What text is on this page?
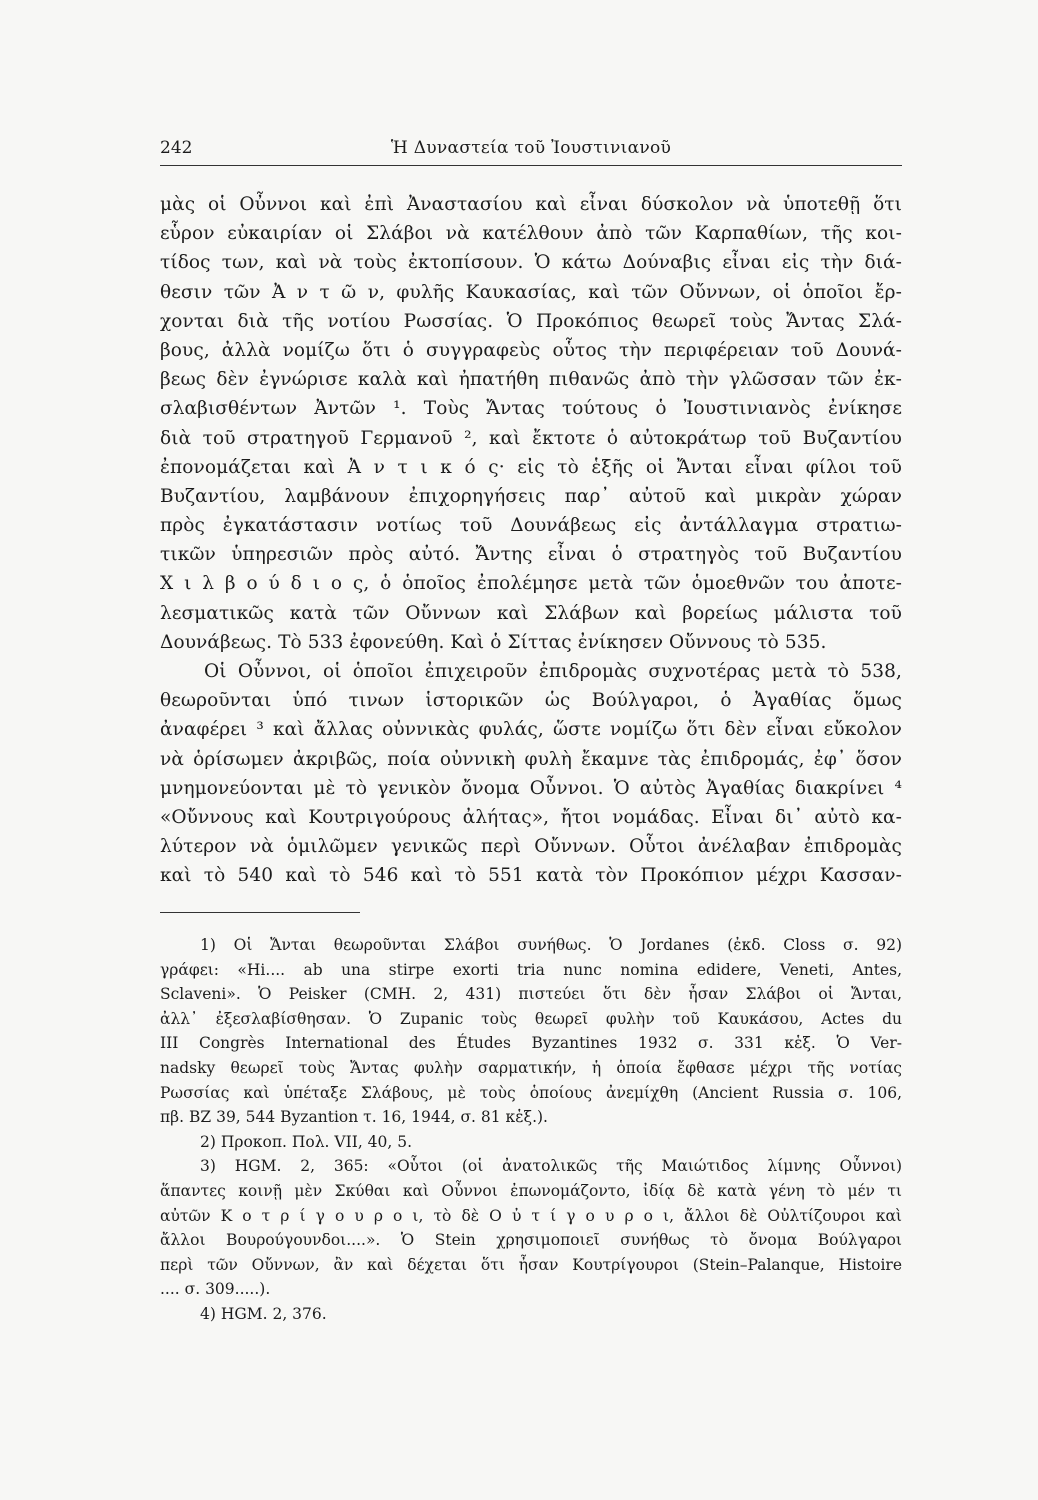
242	Ἡ Δυναστεία τοῦ Ἰουστινιανοῦ
μὰς οἱ Οὖννοι καὶ ἐπὶ Ἀναστασίου καὶ εἶναι δύσκολον νὰ ὑποτεθῇ ὅτι
εὗρον εὐκαιρίαν οἱ Σλάβοι νὰ κατέλθουν ἀπὸ τῶν Καρπαθίων, τῆς κοι-
τίδος των, καὶ νὰ τοὺς ἐκτοπίσουν. Ὁ κάτω Δούναβις εἶναι εἰς τὴν διά-
θεσιν τῶν Ἀ ν τ ῶ ν, φυλῆς Καυκασίας, καὶ τῶν Οὔννων, οἱ ὁποῖοι ἔρ-
χονται διὰ τῆς νοτίου Ρωσσίας. Ὁ Προκόπιος θεωρεῖ τοὺς Ἄντας Σλά-
βους, ἀλλὰ νομίζω ὅτι ὁ συγγραφεὺς οὗτος τὴν περιφέρειαν τοῦ Δουνά-
βεως δὲν ἐγνώρισε καλὰ καὶ ἠπατήθη πιθανῶς ἀπὸ τὴν γλῶσσαν τῶν ἐκ-
σλαβισθέντων Ἀντῶν ¹. Τοὺς Ἄντας τούτους ὁ Ἰουστινιανὸς ἐνίκησε
διὰ τοῦ στρατηγοῦ Γερμανοῦ ², καὶ ἔκτοτε ὁ αὐτοκράτωρ τοῦ Βυζαντίου
ἐπονομάζεται καὶ Ἀ ν τ ι κ ό ς· εἰς τὸ ἑξῆς οἱ Ἄνται εἶναι φίλοι τοῦ
Βυζαντίου, λαμβάνουν ἐπιχορηγήσεις παρ᾽ αὐτοῦ καὶ μικρὰν χώραν
πρὸς ἐγκατάστασιν νοτίως τοῦ Δουνάβεως εἰς ἀντάλλαγμα στρατιω-
τικῶν ὑπηρεσιῶν πρὸς αὐτό. Ἄντης εἶναι ὁ στρατηγὸς τοῦ Βυζαντίου
Χ ι λ β ο ύ δ ι ο ς, ὁ ὁποῖος ἐπολέμησε μετὰ τῶν ὁμοεθνῶν του ἀποτε-
λεσματικῶς κατὰ τῶν Οὔννων καὶ Σλάβων καὶ βορείως μάλιστα τοῦ
Δουνάβεως. Τὸ 533 ἐφονεύθη. Καὶ ὁ Σίττας ἐνίκησεν Οὔννους τὸ 535.
Οἱ Οὖννοι, οἱ ὁποῖοι ἐπιχειροῦν ἐπιδρομὰς συχνοτέρας μετὰ τὸ 538,
θεωροῦνται ὑπό τινων ἱστορικῶν ὡς Βούλγαροι, ὁ Ἀγαθίας ὅμως
ἀναφέρει ³ καὶ ἄλλας οὐννικὰς φυλάς, ὥστε νομίζω ὅτι δὲν εἶναι εὔκολον
νὰ ὁρίσωμεν ἀκριβῶς, ποία οὐννικὴ φυλὴ ἔκαμνε τὰς ἐπιδρομάς, ἐφ᾽ ὅσον
μνημονεύονται μὲ τὸ γενικὸν ὄνομα Οὖννοι. Ὁ αὐτὸς Ἀγαθίας διακρίνει ⁴
«Οὔννους καὶ Κουτριγούρους ἀλήτας», ἤτοι νομάδας. Εἶναι δι᾽ αὐτὸ κα-
λύτερον νὰ ὁμιλῶμεν γενικῶς περὶ Οὔννων. Οὗτοι ἀνέλαβαν ἐπιδρομὰς
καὶ τὸ 540 καὶ τὸ 546 καὶ τὸ 551 κατὰ τὸν Προκόπιον μέχρι Κασσαν-
1) Οἱ Ἄνται θεωροῦνται Σλάβοι συνήθως. Ὁ Jordanes (ἐκδ. Closs σ. 92)
γράφει: «Hi.... ab una stirpe exorti tria nunc nomina edidere, Veneti, Antes,
Sclaveni». Ὁ Peisker (CMH. 2, 431) πιστεύει ὅτι δὲν ἦσαν Σλάβοι οἱ Ἄνται,
ἀλλ᾽ ἐξεσλαβίσθησαν. Ὁ Zupanic τοὺς θεωρεῖ φυλὴν τοῦ Καυκάσου, Actes du
III Congrès International des Études Byzantines 1932 σ. 331 κἑξ. Ὁ Ver-
nadsky θεωρεῖ τοὺς Ἄντας φυλὴν σαρματικήν, ἡ ὁποία ἔφθασε μέχρι τῆς νοτίας
Ρωσσίας καὶ ὑπέταξε Σλάβους, μὲ τοὺς ὁποίους ἀνεμίχθη (Ancient Russia σ. 106,
πβ. BZ 39, 544 Byzantion τ. 16, 1944, σ. 81 κἑξ.).
2) Προκοπ. Πολ. VII, 40, 5.
3) HGM. 2, 365: «Οὗτοι (οἱ ἀνατολικῶς τῆς Μαιώτιδος λίμνης Οὖννοι)
ἅπαντες κοινῇ μὲν Σκύθαι καὶ Οὖννοι ἐπωνομάζοντο, ἰδίᾳ δὲ κατὰ γένη τὸ μέν τι
αὐτῶν Κ ο τ ρ ί γ ο υ ρ ο ι, τὸ δὲ Ο ὐ τ ί γ ο υ ρ ο ι, ἄλλοι δὲ Οὐλτίζουροι καὶ
ἄλλοι Βουρούγουνδοι....». Ὁ Stein χρησιμοποιεῖ συνήθως τὸ ὄνομα Βούλγαροι
περὶ τῶν Οὔννων, ἂν καὶ δέχεται ὅτι ἦσαν Κουτρίγουροι (Stein–Palanque, Histoire
.... σ. 309.....).
4) HGM. 2, 376.
